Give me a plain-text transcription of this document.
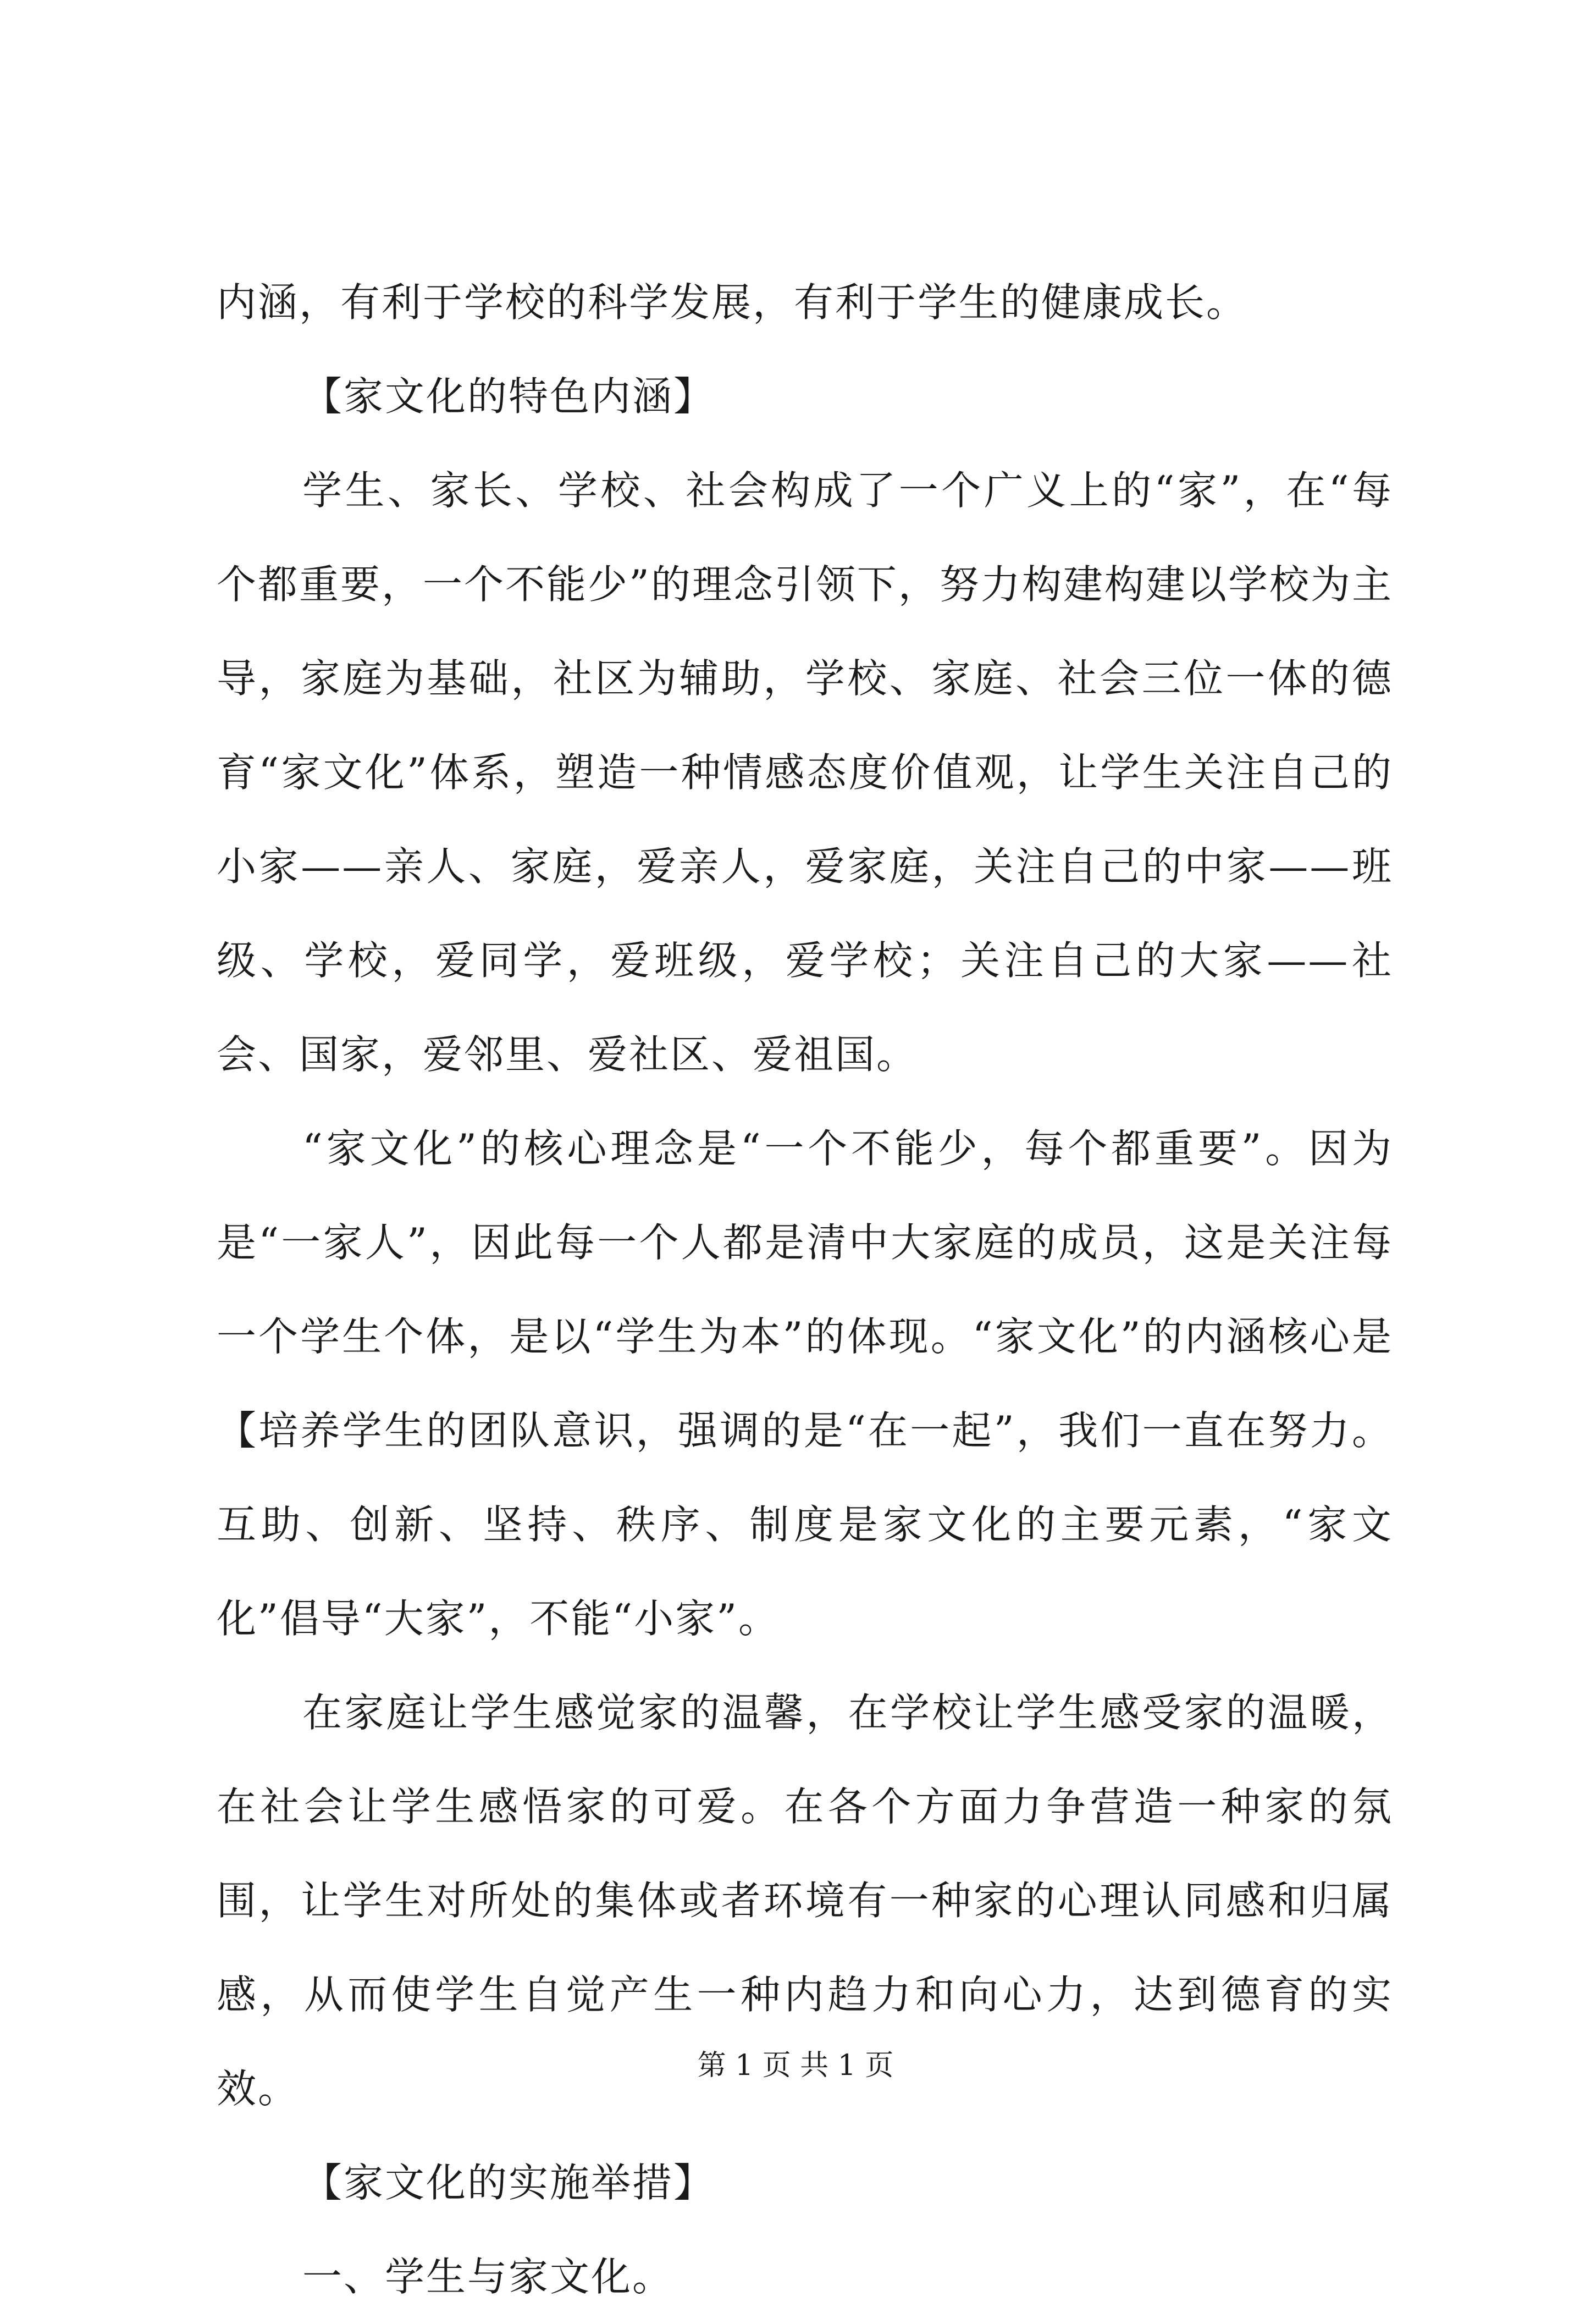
内涵，有利于学校的科学发展，有利于学生的健康成长。

【家文化的特色内涵】

学生、家长、学校、社会构成了一个广义上的“家”，在“每个都重要，一个不能少”的理念引领下，努力构建构建以学校为主导，家庭为基础，社区为辅助，学校、家庭、社会三位一体的德育“家文化”体系，塑造一种情感态度价值观，让学生关注自己的小家——亲人、家庭，爱亲人，爱家庭，关注自己的中家——班级、学校，爱同学，爱班级，爱学校；关注自己的大家——社会、国家，爱邻里、爱社区、爱祖国。

“家文化”的核心理念是“一个不能少，每个都重要”。因为是“一家人”，因此每一个人都是清中大家庭的成员，这是关注每一个学生个体，是以“学生为本”的体现。“家文化”的内涵核心是【培养学生的团队意识，强调的是“在一起”，我们一直在努力。互助、创新、坚持、秩序、制度是家文化的主要元素，“家文化”倡导“大家”，不能“小家”。

在家庭让学生感觉家的温馨，在学校让学生感受家的温暖，在社会让学生感悟家的可爱。在各个方面力争营造一种家的氛围，让学生对所处的集体或者环境有一种家的心理认同感和归属感，从而使学生自觉产生一种内趋力和向心力，达到德育的实效。

【家文化的实施举措】

一、学生与家文化。

第 1 页 共 1 页
